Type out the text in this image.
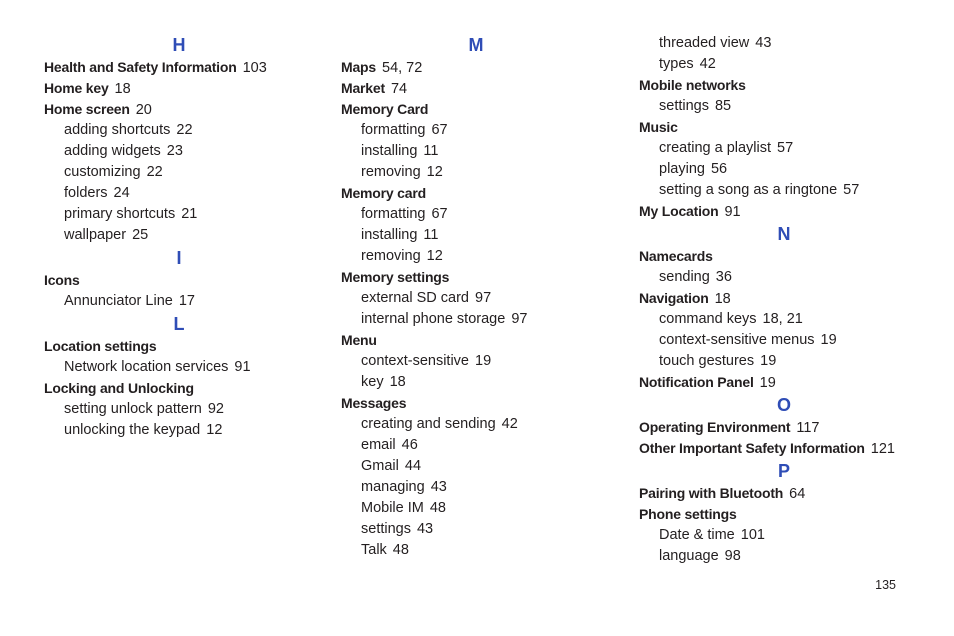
H
Health and Safety Information 103
Home key 18
Home screen 20
adding shortcuts 22
adding widgets 23
customizing 22
folders 24
primary shortcuts 21
wallpaper 25
I
Icons
Annunciator Line 17
L
Location settings
Network location services 91
Locking and Unlocking
setting unlock pattern 92
unlocking the keypad 12
M
Maps 54, 72
Market 74
Memory Card
formatting 67
installing 11
removing 12
Memory card
formatting 67
installing 11
removing 12
Memory settings
external SD card 97
internal phone storage 97
Menu
context-sensitive 19
key 18
Messages
creating and sending 42
email 46
Gmail 44
managing 43
Mobile IM 48
settings 43
Talk 48
threaded view 43
types 42
Mobile networks
settings 85
Music
creating a playlist 57
playing 56
setting a song as a ringtone 57
My Location 91
N
Namecards
sending 36
Navigation 18
command keys 18, 21
context-sensitive menus 19
touch gestures 19
Notification Panel 19
O
Operating Environment 117
Other Important Safety Information 121
P
Pairing with Bluetooth 64
Phone settings
Date & time 101
language 98
135
